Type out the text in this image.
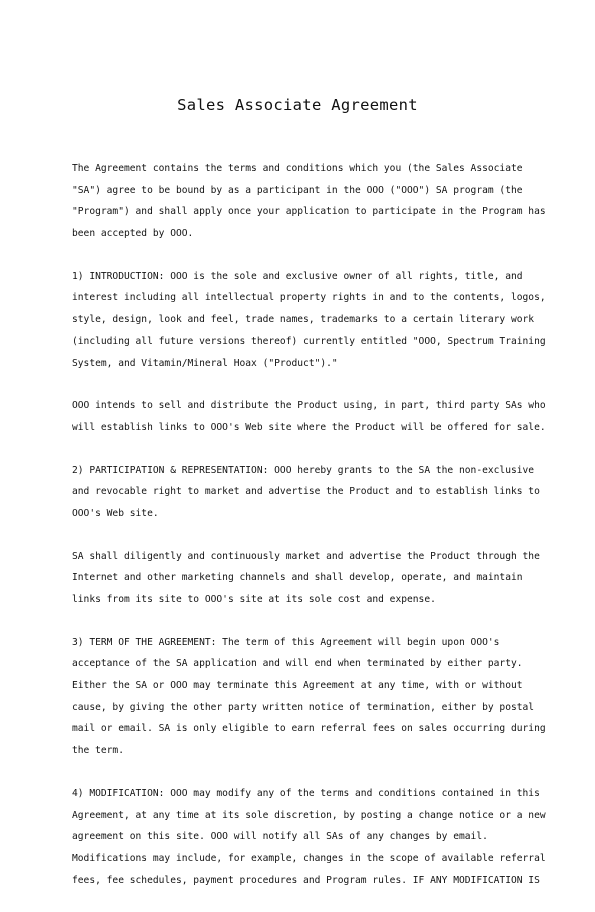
Sales Associate Agreement

The Agreement contains the terms and conditions which you (the Sales Associate
"SA") agree to be bound by as a participant in the OOO ("OOO") SA program (the
"Program") and shall apply once your application to participate in the Program has
been accepted by OOO.

1) INTRODUCTION: OOO is the sole and exclusive owner of all rights, title, and
interest including all intellectual property rights in and to the contents, logos,
style, design, look and feel, trade names, trademarks to a certain literary work
(including all future versions thereof) currently entitled "OOO, Spectrum Training
System, and Vitamin/Mineral Hoax ("Product")."

OOO intends to sell and distribute the Product using, in part, third party SAs who
will establish links to OOO's Web site where the Product will be offered for sale.

2) PARTICIPATION & REPRESENTATION: OOO hereby grants to the SA the non-exclusive
and revocable right to market and advertise the Product and to establish links to
OOO's Web site.

SA shall diligently and continuously market and advertise the Product through the
Internet and other marketing channels and shall develop, operate, and maintain
links from its site to OOO's site at its sole cost and expense.

3) TERM OF THE AGREEMENT: The term of this Agreement will begin upon OOO's
acceptance of the SA application and will end when terminated by either party.
Either the SA or OOO may terminate this Agreement at any time, with or without
cause, by giving the other party written notice of termination, either by postal
mail or email. SA is only eligible to earn referral fees on sales occurring during
the term.

4) MODIFICATION: OOO may modify any of the terms and conditions contained in this
Agreement, at any time at its sole discretion, by posting a change notice or a new
agreement on this site. OOO will notify all SAs of any changes by email.
Modifications may include, for example, changes in the scope of available referral
fees, fee schedules, payment procedures and Program rules. IF ANY MODIFICATION IS
